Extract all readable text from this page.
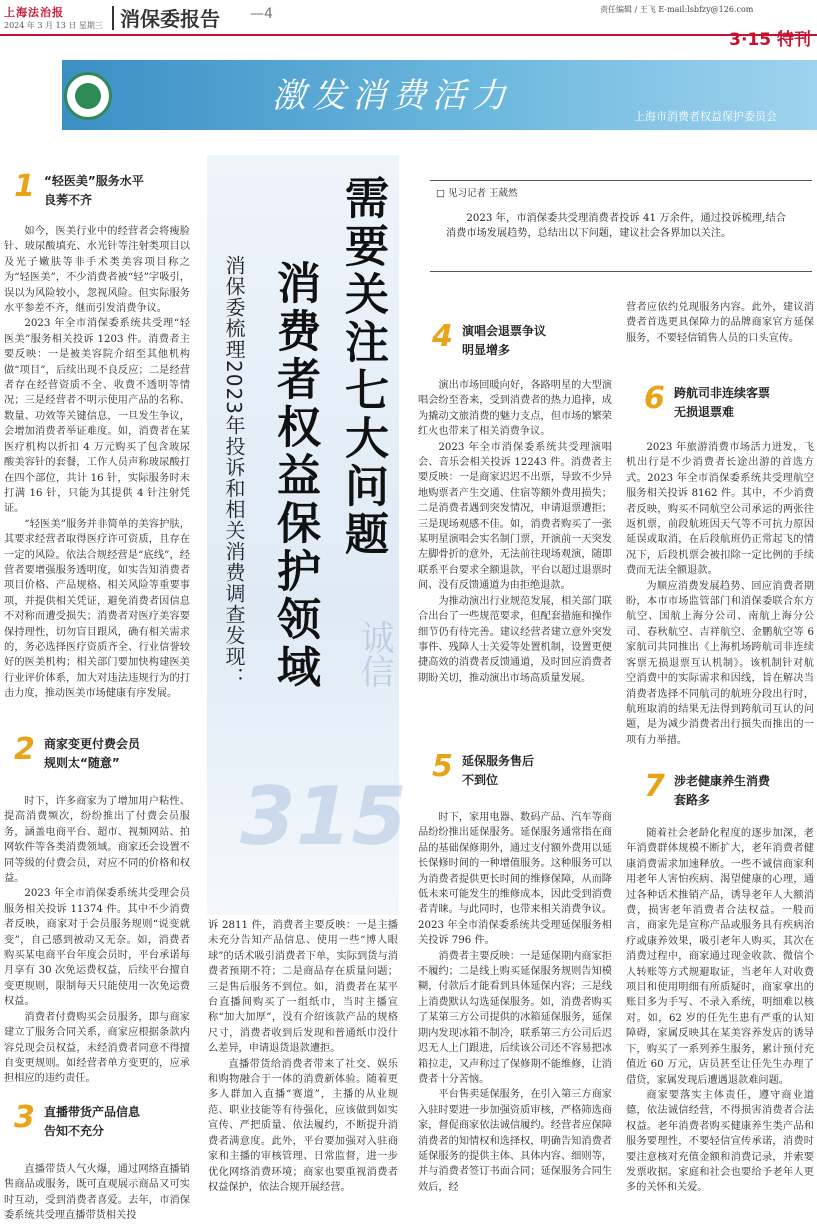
上海法治报
2024 年 3 月 13 日 星期三 消保委报告 —4	责任编辑 / 王飞 E-mail:lsbfzy@126.com
3·15 特刊
激发消费活力
上海市消费者权益保护委员会
诚信
315
需要关注七大问题
消费者权益保护领域
消保委梳理2023年投诉和相关消费调查发现：
1 “轻医美”服务水平
良莠不齐

如今，医美行业中的经营者会将瘦脸针、玻尿酸填充、水光针等注射类项目以及光子嫩肤等非手术类美容项目称之为“轻医美”，不少消费者被“轻”字吸引，误以为风险较小，忽视风险。但实际服务水平参差不齐，继而引发消费争议。

2023 年全市消保委系统共受理“轻医美”服务相关投诉 1203 件。消费者主要反映：一是被美容院介绍至其他机构做“项目”，后续出现不良反应；二是经营者存在经营资质不全、收费不透明等情况；三是经营者不明示使用产品的名称、数量、功效等关键信息，一旦发生争议，会增加消费者举证难度。如，消费者在某医疗机构以折扣 4 万元购买了包含玻尿酸美容针的套餐，工作人员声称玻尿酸打在四个部位，共计 16 针，实际服务时未打满 16 针，只能为其提供 4 针注射凭证。

“轻医美”服务并非简单的美容护肤，其要求经营者取得医疗许可资质，且存在一定的风险。依法合规经营是“底线”，经营者要增强服务透明度，如实告知消费者项目价格、产品规格、相关风险等重要事项，并提供相关凭证，避免消费者因信息不对称而遭受损失；消费者对医疗美容要保持理性，切勿盲目跟风，确有相关需求的，务必选择医疗资质齐全、行业信誉较好的医美机构；相关部门要加快构建医美行业评价体系，加大对违法违规行为的打击力度，推动医美市场健康有序发展。

2 商家变更付费会员
规则太“随意”

时下，许多商家为了增加用户粘性、提高消费频次，纷纷推出了付费会员服务，涵盖电商平台、超市、视频网站、拍网软件等各类消费领域。商家还会设置不同等级的付费会员，对应不同的价格和权益。

2023 年全市消保委系统共受理会员服务相关投诉 11374 件。其中不少消费者反映，商家对于会员服务规则“说变就变”，自己感到被动又无奈。如，消费者购买某电商平台年度会员时，平台承诺每月享有 30 次免运费权益，后续平台擅自变更规则，限制每天只能使用一次免运费权益。

消费者付费购买会员服务，即与商家建立了服务合同关系，商家应根据条款内容兑现会员权益，未经消费者同意不得擅自变更规则。如经营者单方变更的，应承担相应的违约责任。

3 直播带货产品信息
告知不充分

直播带货人气火爆，通过网络直播销售商品或服务，既可直观展示商品又可实时互动，受到消费者喜爱。去年，市消保委系统共受理直播带货相关投

诉 2811 件，消费者主要反映：一是主播未充分告知产品信息、使用一些“博人眼球”的话术吸引消费者下单，实际到货与消费者预期不符；二是商品存在质量问题；三是售后服务不到位。如，消费者在某平台直播间购买了一组纸巾，当时主播宣称“加大加厚”，没有介绍该款产品的规格尺寸，消费者收到后发现和普通纸巾没什么差异，申请退货退款遭拒。

直播带货给消费者带来了社交、娱乐和购物融合于一体的消费新体验。随着更多人群加入直播“赛道”，主播的从业规范、职业技能等有待强化，应该做到如实宣传、严把质量、依法履约，不断提升消费者满意度。此外，平台要加强对入驻商家和主播的审核管理、日常监督，进一步优化网络消费环境；商家也要重视消费者权益保护，依法合规开展经营。

□ 见习记者 王葳然
2023 年，市消保委共受理消费者投诉 41 万余件，通过投诉梳理,结合消费市场发展趋势，总结出以下问题，建议社会各界加以关注。
4 演唱会退票争议
明显增多

演出市场回暖向好，各路明星的大型演唱会纷至沓来，受到消费者的热力追捧，成为撬动文旅消费的魅力支点，但市场的繁荣红火也带来了相关消费争议。

2023 年全市消保委系统共受理演唱会、音乐会相关投诉 12243 件。消费者主要反映：一是商家迟迟不出票，导致不少异地购票者产生交通、住宿等额外费用损失；二是消费者遇到突发情况，申请退票遭拒；三是现场观感不佳。如，消费者购买了一张某明星演唱会实名制门票，开演前一天突发左脚骨折的意外，无法前往现场观演，随即联系平台要求全额退款，平台以超过退票时间、没有反馈通道为由拒绝退款。

为推动演出行业规范发展，相关部门联合出台了一些规范要求，但配套措施和操作细节仍有待完善。建议经营者建立意外突发事件、残障人士关爱等处置机制，设置更便捷高效的消费者反馈通道，及时回应消费者期盼关切，推动演出市场高质量发展。

5 延保服务售后
不到位

时下，家用电器、数码产品、汽车等商品纷纷推出延保服务。延保服务通常指在商品的基础保修期外，通过支付额外费用以延长保修时间的一种增值服务。这种服务可以为消费者提供更长时间的维修保障，从而降低未来可能发生的维修成本，因此受到消费者青睐。与此同时，也带来相关消费争议。2023 年全市消保委系统共受理延保服务相关投诉 796 件。

消费者主要反映：一是延保期内商家拒不履约；二是线上购买延保服务规则告知模糊，付款后才能看到具体延保内容；三是线上消费默认勾选延保服务。如，消费者购买了某第三方公司提供的冰箱延保服务，延保期内发现冰箱不制冷，联系第三方公司后迟迟无人上门跟进，后续该公司还不容易把冰箱拉走，又声称过了保修期不能维修，让消费者十分苦恼。

平台售卖延保服务，在引入第三方商家入驻时要进一步加强资质审核，严格筛选商家，督促商家依法诚信履约。经营者应保障消费者的知情权和选择权，明确告知消费者延保服务的提供主体、具体内容、细则等，并与消费者签订书面合同；延保服务合同生效后，经

营者应依约兑现服务内容。此外，建议消费者首选更具保障力的品牌商家官方延保服务，不要轻信销售人员的口头宣传。
6 跨航司非连续客票
无损退票难

2023 年旅游消费市场活力迸发，飞机出行是不少消费者长途出游的首选方式。2023 年全市消保委系统共受理航空服务相关投诉 8162 件。其中，不少消费者反映，购买不同航空公司承运的两张往返机票，前段航班因天气等不可抗力原因延误或取消，在后段航班仍正常起飞的情况下，后段机票会被扣除一定比例的手续费而无法全额退款。

为顺应消费发展趋势、回应消费者期盼，本市市场监管部门和消保委联合东方航空、国航上海分公司、南航上海分公司、春秋航空、吉祥航空、金鹏航空等 6 家航司共同推出《上海机场跨航司非连续客票无损退票互认机制》。该机制针对航空消费中的实际需求和因线，旨在解决当消费者选择不同航司的航班分段出行时，航班取消的结果无法得到跨航司互认的问题，是为减少消费者出行损失而推出的一项有力举措。

7 涉老健康养生消费
套路多

随着社会老龄化程度的逐步加深，老年消费群体规模不断扩大，老年消费者健康消费需求加速释放。一些不诚信商家利用老年人害怕疾病、渴望健康的心理，通过各种话术推销产品，诱导老年人大额消费，损害老年消费者合法权益。一般而言，商家先是宣称产品或服务具有疾病治疗或康养效果，吸引老年人购买，其次在消费过程中，商家通过现金收款、微信个人转账等方式规避取证，当老年人对收费项目和使用明细有所质疑时，商家拿出的账目多为手写、不录入系统，明细难以核对。如，62 岁的任先生患有严重的认知障碍，家属反映其在某美容养发店的诱导下，购买了一系列养生服务，累计预付充值近 60 万元，店员甚至让任先生办理了借贷，家属发现后遭遇退款难问题。

商家要落实主体责任，遵守商业道德，依法诚信经营，不得损害消费者合法权益。老年消费者购买健康养生类产品和服务要理性，不要轻信宣传承诺，消费时要注意核对充值金额和消费记录，并索要发票收据。家庭和社会也要给予老年人更多的关怀和关爱。
